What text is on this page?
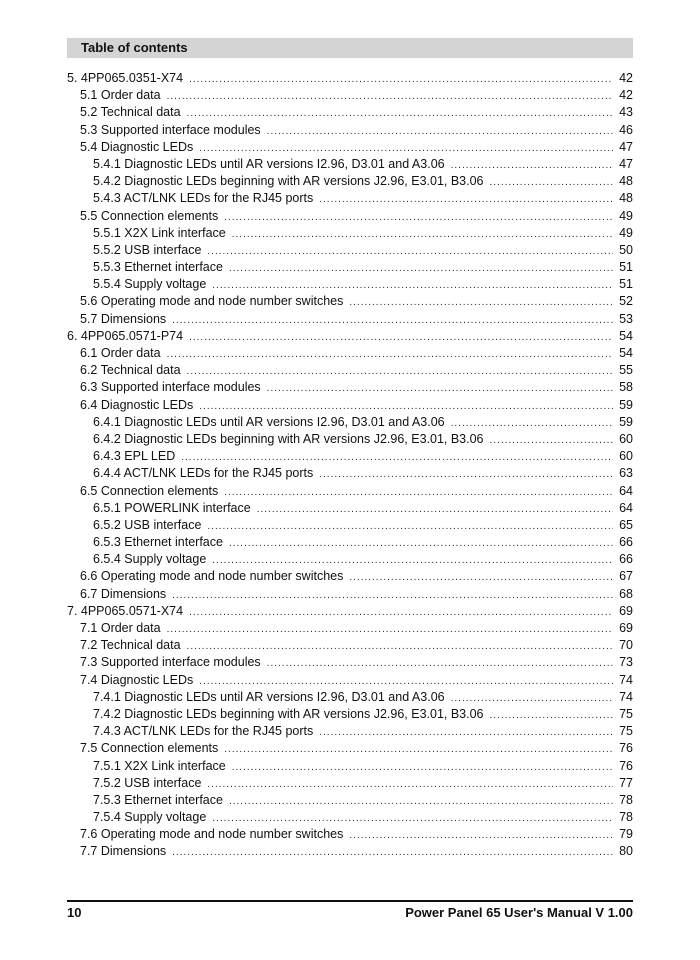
Table of contents
5. 4PP065.0351-X74 .....	42
5.1 Order data .....	42
5.2 Technical data .....	43
5.3 Supported interface modules .....	46
5.4 Diagnostic LEDs .....	47
5.4.1 Diagnostic LEDs until AR versions I2.96, D3.01 and A3.06 .....	47
5.4.2 Diagnostic LEDs beginning with AR versions J2.96, E3.01, B3.06 .....	48
5.4.3 ACT/LNK LEDs for the RJ45 ports .....	48
5.5 Connection elements .....	49
5.5.1 X2X Link interface .....	49
5.5.2 USB interface .....	50
5.5.3 Ethernet interface .....	51
5.5.4 Supply voltage .....	51
5.6 Operating mode and node number switches .....	52
5.7 Dimensions .....	53
6. 4PP065.0571-P74 .....	54
6.1 Order data .....	54
6.2 Technical data .....	55
6.3 Supported interface modules .....	58
6.4 Diagnostic LEDs .....	59
6.4.1 Diagnostic LEDs until AR versions I2.96, D3.01 and A3.06 .....	59
6.4.2 Diagnostic LEDs beginning with AR versions J2.96, E3.01, B3.06 .....	60
6.4.3 EPL LED .....	60
6.4.4 ACT/LNK LEDs for the RJ45 ports .....	63
6.5 Connection elements .....	64
6.5.1 POWERLINK interface .....	64
6.5.2 USB interface .....	65
6.5.3 Ethernet interface .....	66
6.5.4 Supply voltage .....	66
6.6 Operating mode and node number switches .....	67
6.7 Dimensions .....	68
7. 4PP065.0571-X74 .....	69
7.1 Order data .....	69
7.2 Technical data .....	70
7.3 Supported interface modules .....	73
7.4 Diagnostic LEDs .....	74
7.4.1 Diagnostic LEDs until AR versions I2.96, D3.01 and A3.06 .....	74
7.4.2 Diagnostic LEDs beginning with AR versions J2.96, E3.01, B3.06 .....	75
7.4.3 ACT/LNK LEDs for the RJ45 ports .....	75
7.5 Connection elements .....	76
7.5.1 X2X Link interface .....	76
7.5.2 USB interface .....	77
7.5.3 Ethernet interface .....	78
7.5.4 Supply voltage .....	78
7.6 Operating mode and node number switches .....	79
7.7 Dimensions .....	80
10	Power Panel 65 User's Manual V 1.00
